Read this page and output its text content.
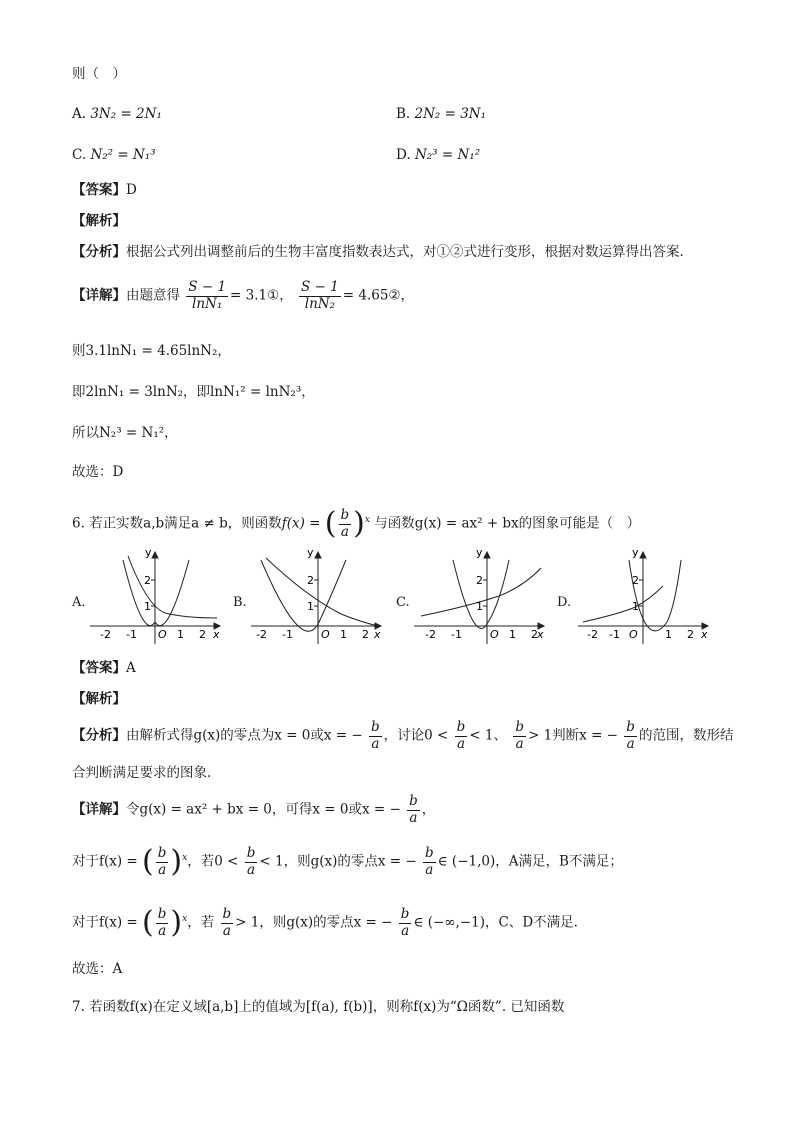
则（　）
A. 3N₂ = 2N₁	B. 2N₂ = 3N₁
C. N₂² = N₁³	D. N₂³ = N₁²
【答案】D
【解析】
【分析】根据公式列出调整前后的生物丰富度指数表达式，对①②式进行变形，根据对数运算得出答案.
【详解】由题意得 $\frac{S - 1}{\text{lnN₁}}$ = 3.1①， $\frac{S - 1}{\text{lnN₂}}$ = 4.65②，
则3.1lnN₁ = 4.65lnN₂，
即2lnN₁ = 3lnN₂，即lnN₁² = lnN₂³，
所以N₂³ = N₁²，
故选：D
6. 若正实数a,b满足a ≠ b，则函数f(x) = ( $\frac{b}{a} )^x$ 与函数g(x) = ax² + bx的图象可能是（　）
A.	B.	C.	D.
y
x
O
-2 -1	1 2
1
2
y
x
O
-2 -1	1 2
1
2
y
x
O
-2 -1	1 2
1
2
y
x
O
-2 -1	1 2
1
2
【答案】A
【解析】
【分析】由解析式得g(x)的零点为x = 0或x = − $\frac{b}{a}$ ，讨论$0 < \frac{b}{a} < 1$、 $\frac{b}{a} > 1$判断x = − $\frac{b}{a}$ 的范围，数形结
合判断满足要求的图象.
【详解】令g(x) = ax² + bx = 0，可得x = 0或x = − $\frac{b}{a}$ ，
对于f(x) = ( $\frac{b}{a} )^x$，若$0 < \frac{b}{a} < 1$，则g(x)的零点x = − $\frac{b}{a}$ ∈ (−1,0)，A满足，B不满足；
对于f(x) = ( $\frac{b}{a} )^x$，若 $\frac{b}{a} > 1$，则g(x)的零点x = − $\frac{b}{a}$ ∈ (−∞,−1)，C、D不满足.
故选：A
7. 若函数f(x)在定义域[a,b]上的值域为[f(a), f(b)]，则称f(x)为“Ω函数”. 已知函数
